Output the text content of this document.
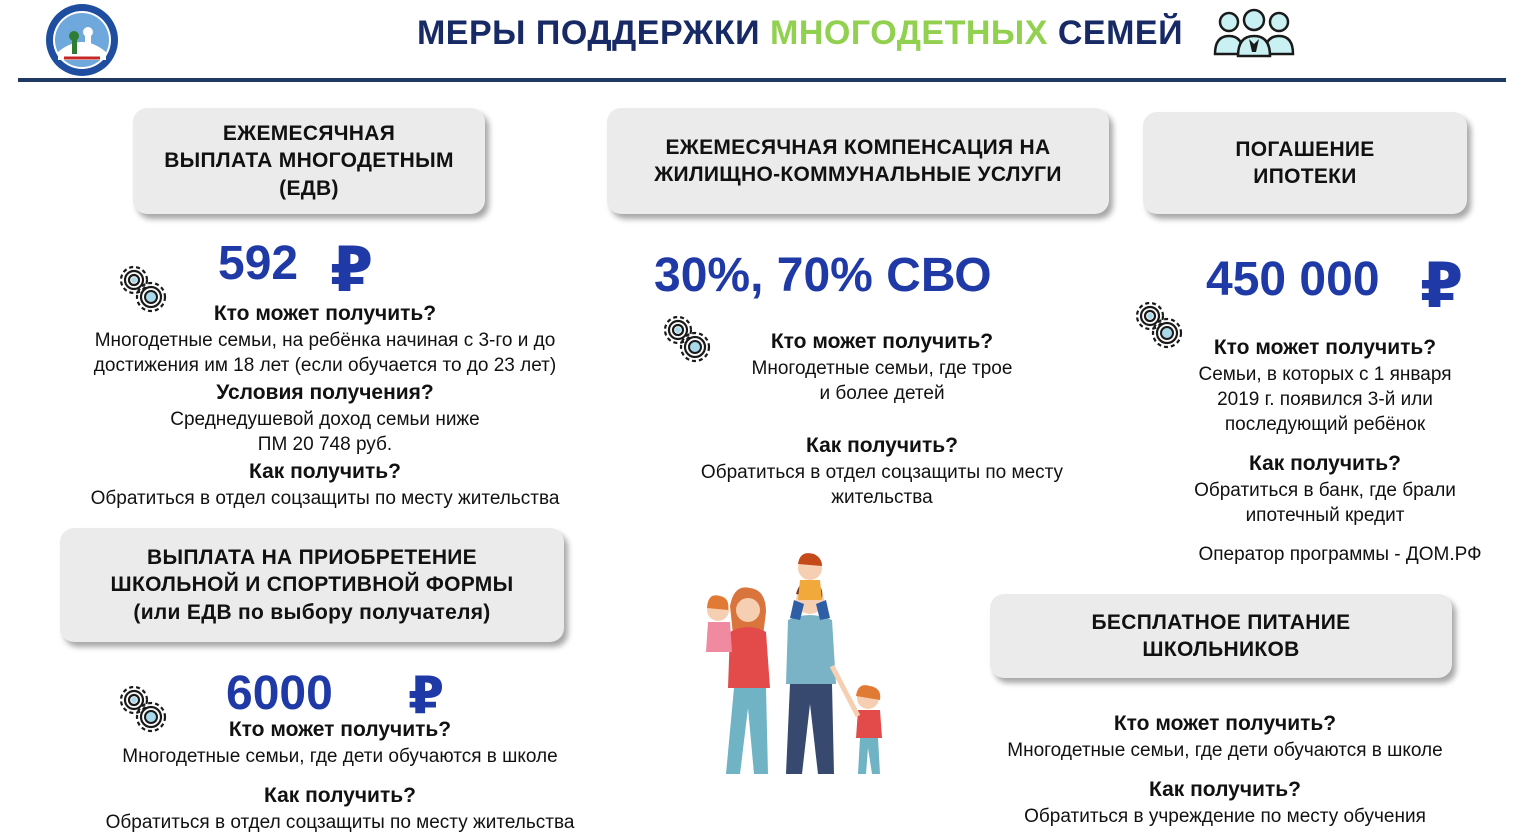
МЕРЫ ПОДДЕРЖКИ МНОГОДЕТНЫХ СЕМЕЙ
ЕЖЕМЕСЯЧНАЯ
ВЫПЛАТА МНОГОДЕТНЫМ
(ЕДВ)
592 ₽
Кто может получить?
Многодетные семьи, на ребёнка начиная с 3-го и до
достижения им 18 лет (если обучается то до 23 лет)
Условия получения?
Среднедушевой доход семьи ниже
ПМ 20 748 руб.
Как получить?
Обратиться в отдел соцзащиты по месту жительства
ЕЖЕМЕСЯЧНАЯ КОМПЕНСАЦИЯ НА
ЖИЛИЩНО-КОММУНАЛЬНЫЕ УСЛУГИ
30%, 70% СВО
Кто может получить?
Многодетные семьи, где трое
и более детей
Как получить?
Обратиться в отдел соцзащиты по месту
жительства
ПОГАШЕНИЕ
ИПОТЕКИ
450 000 ₽
Кто может получить?
Семьи, в которых с 1 января
2019 г. появился 3-й или
последующий ребёнок
Как получить?
Обратиться в банк, где брали
ипотечный кредит
Оператор программы - ДОМ.РФ
ВЫПЛАТА НА ПРИОБРЕТЕНИЕ
ШКОЛЬНОЙ И СПОРТИВНОЙ ФОРМЫ
(или ЕДВ по выбору получателя)
6000 ₽
Кто может получить?
Многодетные семьи, где дети обучаются в школе
Как получить?
Обратиться в отдел соцзащиты по месту жительства
БЕСПЛАТНОЕ ПИТАНИЕ
ШКОЛЬНИКОВ
Кто может получить?
Многодетные семьи, где дети обучаются в школе
Как получить?
Обратиться в учреждение по месту обучения
